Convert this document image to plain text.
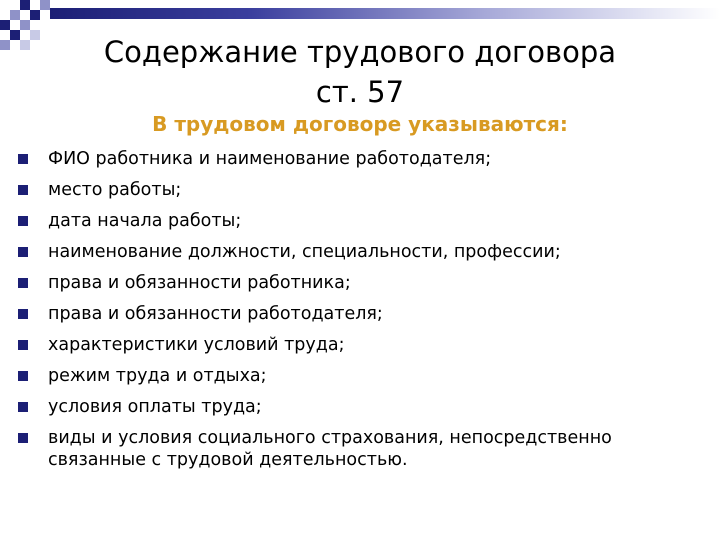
Содержание трудового договора
ст. 57

В трудовом договоре указываются:

ФИО работника и наименование работодателя;
место работы;
дата начала работы;
наименование должности, специальности, профессии;
права и обязанности работника;
права и обязанности работодателя;
характеристики условий труда;
режим труда и отдыха;
условия оплаты труда;
виды и условия социального страхования, непосредственно связанные с трудовой деятельностью.
